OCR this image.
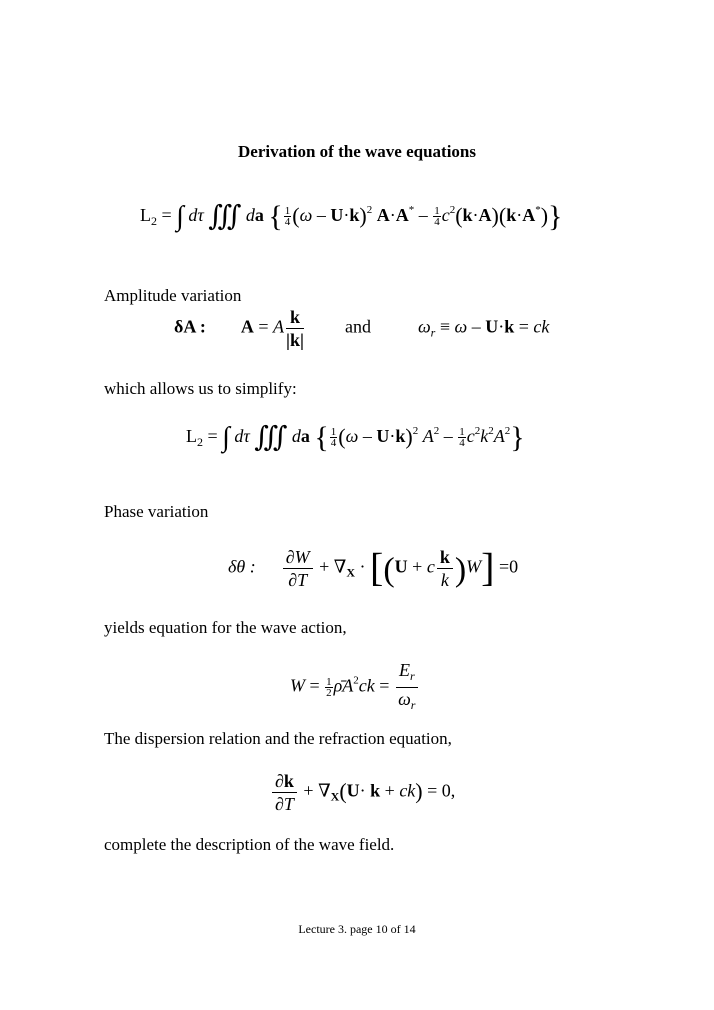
Derivation of the wave equations
$L_2$ = ∫ dτ ∭ da { $\frac{1}{4} (\omega - U\cdot k)^2$ $A\cdot A^* - \frac{1}{4} c^2(k\cdot A)(k\cdot A^*)$}
Amplitude variation
δA : A = A $\frac{k}{|k|}$ and	$\omega_r \equiv \omega - U\cdot k$ = ck
which allows us to simplify:
$L_2$ = ∫ dτ ∭ da { $\frac{1}{4} (\omega - U\cdot k)^2$ $A^2 - \frac{1}{4} c^2k^2A^2$}
Phase variation
δθ : $\frac{\partial W}{\partial T} + \nabla_X \cdot [(U + c \frac{k}{k} )W] =0$
yields equation for the wave action,
$W = \frac{1}{2}$ $\rhōA^2ck = \frac{E_r}{\omega_r}$
The dispersion relation and the refraction equation,
$\frac{\partial k}{\partial T} + \nabla_X(U\cdot k + ck) = 0$,
complete the description of the wave field.
Lecture 3. page 10 of 14
